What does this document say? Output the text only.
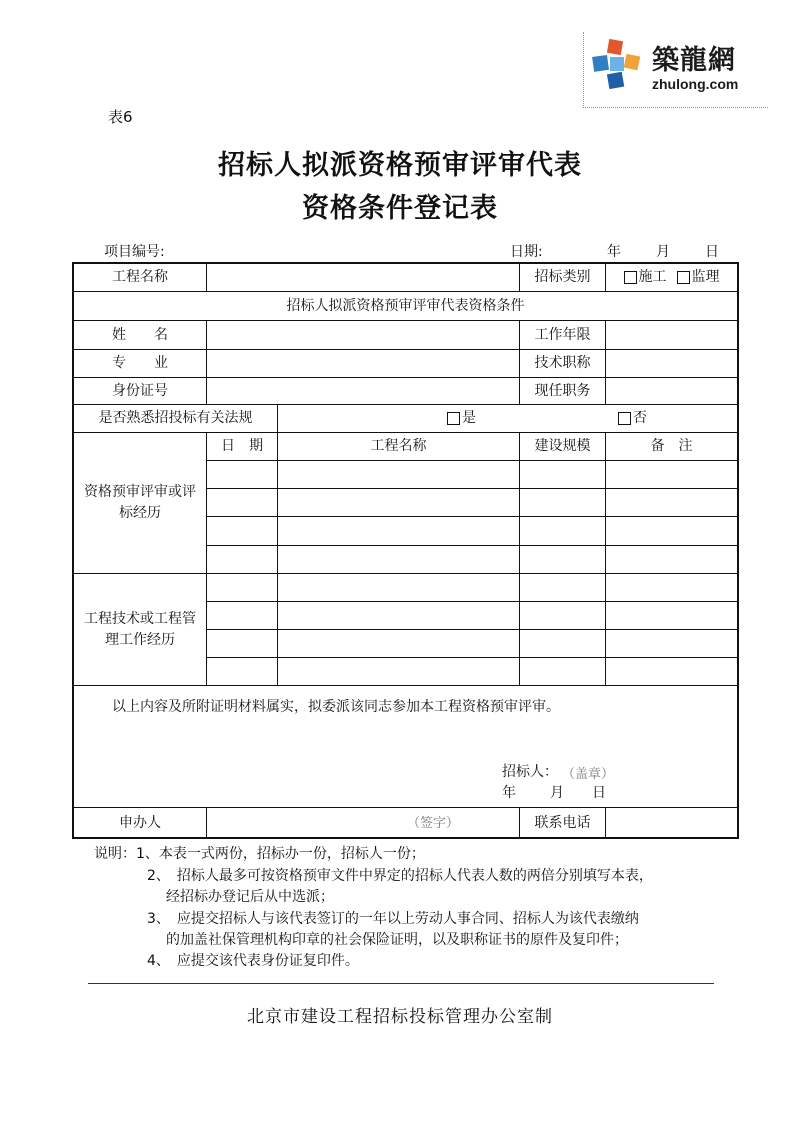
築龍網
zhulong.com
表6
招标人拟派资格预审评审代表
资格条件登记表
项目编号:	日期:	年	月	日
工程名称	招标类别	施工 监理
招标人拟派资格预审评审代表资格条件
姓　　名	工作年限
专　　业	技术职称
身份证号	现任职务
是否熟悉招投标有关法规	是	否
日　期	工程名称	建设规模	备　注
资格预审评审或评标经历
工程技术或工程管理工作经历
以上内容及所附证明材料属实，拟委派该同志参加本工程资格预审评审。
招标人： （盖章）
年 月 日
申办人	（签字）	联系电话
说明：1、本表一式两份，招标办一份，招标人一份；
2、　招标人最多可按资格预审文件中界定的招标人代表人数的两倍分别填写本表，
经招标办登记后从中选派；
3、　应提交招标人与该代表签订的一年以上劳动人事合同、招标人为该代表缴纳
的加盖社保管理机构印章的社会保险证明，以及职称证书的原件及复印件；
4、　应提交该代表身份证复印件。
北京市建设工程招标投标管理办公室制
